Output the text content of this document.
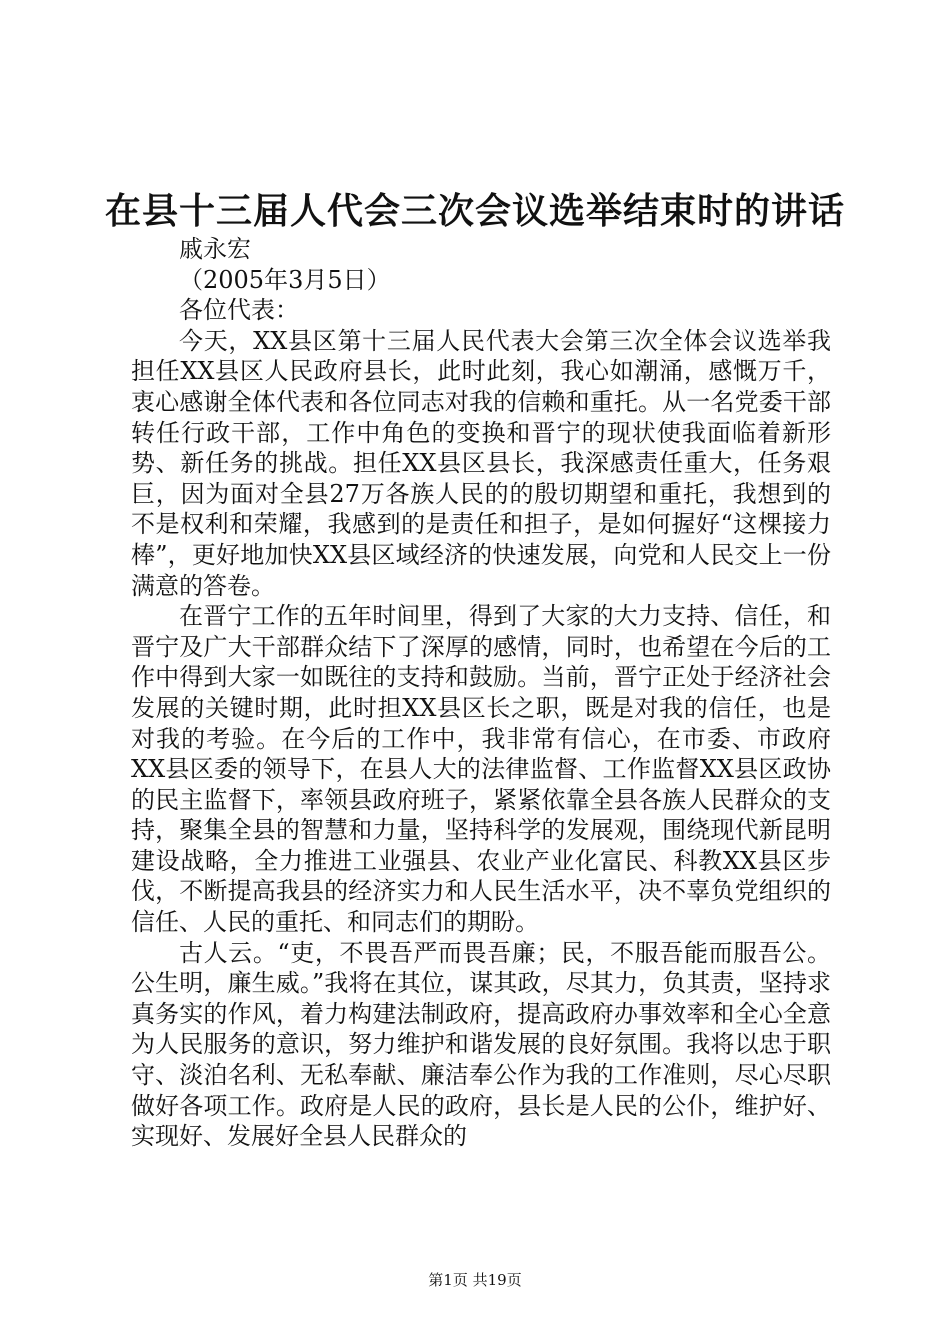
在县十三届人代会三次会议选举结束时的讲话

戚永宏

（2005年3月5日）

各位代表：

今天，XX县区第十三届人民代表大会第三次全体会议选举我担任XX县区人民政府县长，此时此刻，我心如潮涌，感慨万千，衷心感谢全体代表和各位同志对我的信赖和重托。从一名党委干部转任行政干部，工作中角色的变换和晋宁的现状使我面临着新形势、新任务的挑战。担任XX县区县长，我深感责任重大，任务艰巨，因为面对全县27万各族人民的的殷切期望和重托，我想到的不是权利和荣耀，我感到的是责任和担子，是如何握好“这棵接力棒”，更好地加快XX县区域经济的快速发展，向党和人民交上一份满意的答卷。

在晋宁工作的五年时间里，得到了大家的大力支持、信任，和晋宁及广大干部群众结下了深厚的感情，同时，也希望在今后的工作中得到大家一如既往的支持和鼓励。当前，晋宁正处于经济社会发展的关键时期，此时担XX县区长之职，既是对我的信任，也是对我的考验。在今后的工作中，我非常有信心，在市委、市政府XX县区委的领导下，在县人大的法律监督、工作监督XX县区政协的民主监督下，率领县政府班子，紧紧依靠全县各族人民群众的支持，聚集全县的智慧和力量，坚持科学的发展观，围绕现代新昆明建设战略，全力推进工业强县、农业产业化富民、科教XX县区步伐，不断提高我县的经济实力和人民生活水平，决不辜负党组织的信任、人民的重托、和同志们的期盼。

古人云。“吏，不畏吾严而畏吾廉；民，不服吾能而服吾公。公生明，廉生威。”我将在其位，谋其政，尽其力，负其责，坚持求真务实的作风，着力构建法制政府，提高政府办事效率和全心全意为人民服务的意识，努力维护和谐发展的良好氛围。我将以忠于职守、淡泊名利、无私奉献、廉洁奉公作为我的工作准则，尽心尽职做好各项工作。政府是人民的政府，县长是人民的公仆，维护好、实现好、发展好全县人民群众的

第1页 共19页
